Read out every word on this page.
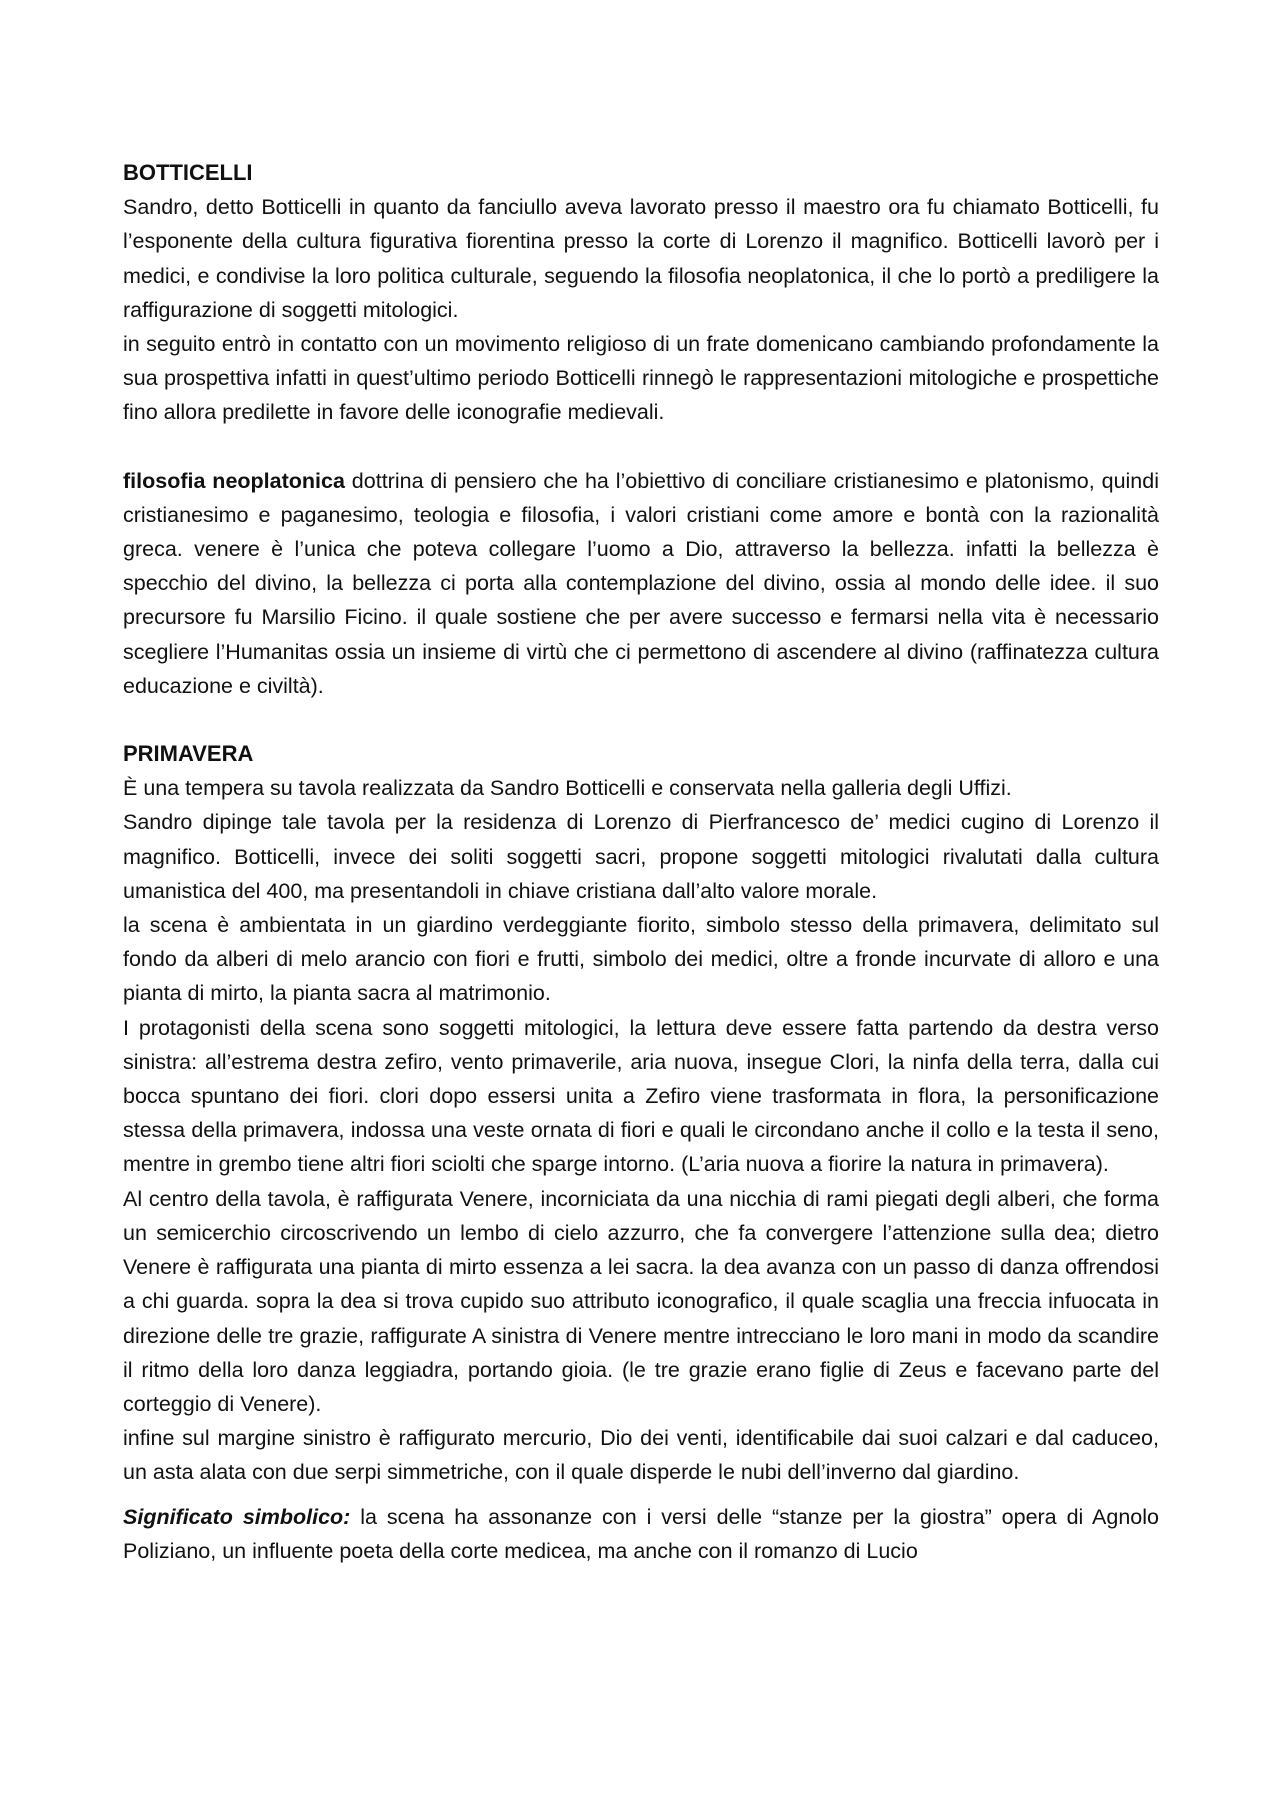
BOTTICELLI

Sandro, detto Botticelli in quanto da fanciullo aveva lavorato presso il maestro ora fu chiamato Botticelli, fu l’esponente della cultura figurativa fiorentina presso la corte di Lorenzo il magnifico. Botticelli lavorò per i medici, e condivise la loro politica culturale, seguendo la filosofia neoplatonica, il che lo portò a prediligere la raffigurazione di soggetti mitologici.

in seguito entrò in contatto con un movimento religioso di un frate domenicano cambiando profondamente la sua prospettiva infatti in quest’ultimo periodo Botticelli rinnegò le rappresentazioni mitologiche e prospettiche fino allora predilette in favore delle iconografie medievali.

filosofia neoplatonica dottrina di pensiero che ha l’obiettivo di conciliare cristianesimo e platonismo, quindi cristianesimo e paganesimo, teologia e filosofia, i valori cristiani come amore e bontà con la razionalità greca. venere è l’unica che poteva collegare l’uomo a Dio, attraverso la bellezza. infatti la bellezza è specchio del divino, la bellezza ci porta alla contemplazione del divino, ossia al mondo delle idee. il suo precursore fu Marsilio Ficino. il quale sostiene che per avere successo e fermarsi nella vita è necessario scegliere l’Humanitas ossia un insieme di virtù che ci permettono di ascendere al divino (raffinatezza cultura educazione e civiltà).

PRIMAVERA

È una tempera su tavola realizzata da Sandro Botticelli e conservata nella galleria degli Uffizi.

Sandro dipinge tale tavola per la residenza di Lorenzo di Pierfrancesco de’ medici cugino di Lorenzo il magnifico. Botticelli, invece dei soliti soggetti sacri, propone soggetti mitologici rivalutati dalla cultura umanistica del 400, ma presentandoli in chiave cristiana dall’alto valore morale.

la scena è ambientata in un giardino verdeggiante fiorito, simbolo stesso della primavera, delimitato sul fondo da alberi di melo arancio con fiori e frutti, simbolo dei medici, oltre a fronde incurvate di alloro e una pianta di mirto, la pianta sacra al matrimonio.

I protagonisti della scena sono soggetti mitologici, la lettura deve essere fatta partendo da destra verso sinistra: all’estrema destra zefiro, vento primaverile, aria nuova, insegue Clori, la ninfa della terra, dalla cui bocca spuntano dei fiori. clori dopo essersi unita a Zefiro viene trasformata in flora, la personificazione stessa della primavera, indossa una veste ornata di fiori e quali le circondano anche il collo e la testa il seno, mentre in grembo tiene altri fiori sciolti che sparge intorno. (L’aria nuova a fiorire la natura in primavera).

Al centro della tavola, è raffigurata Venere, incorniciata da una nicchia di rami piegati degli alberi, che forma un semicerchio circoscrivendo un lembo di cielo azzurro, che fa convergere l’attenzione sulla dea; dietro Venere è raffigurata una pianta di mirto essenza a lei sacra. la dea avanza con un passo di danza offrendosi a chi guarda. sopra la dea si trova cupido suo attributo iconografico, il quale scaglia una freccia infuocata in direzione delle tre grazie, raffigurate A sinistra di Venere mentre intrecciano le loro mani in modo da scandire il ritmo della loro danza leggiadra, portando gioia. (le tre grazie erano figlie di Zeus e facevano parte del corteggio di Venere).

infine sul margine sinistro è raffigurato mercurio, Dio dei venti, identificabile dai suoi calzari e dal caduceo, un asta alata con due serpi simmetriche, con il quale disperde le nubi dell’inverno dal giardino.

Significato simbolico: la scena ha assonanze con i versi delle “stanze per la giostra” opera di Agnolo Poliziano, un influente poeta della corte medicea, ma anche con il romanzo di Lucio
